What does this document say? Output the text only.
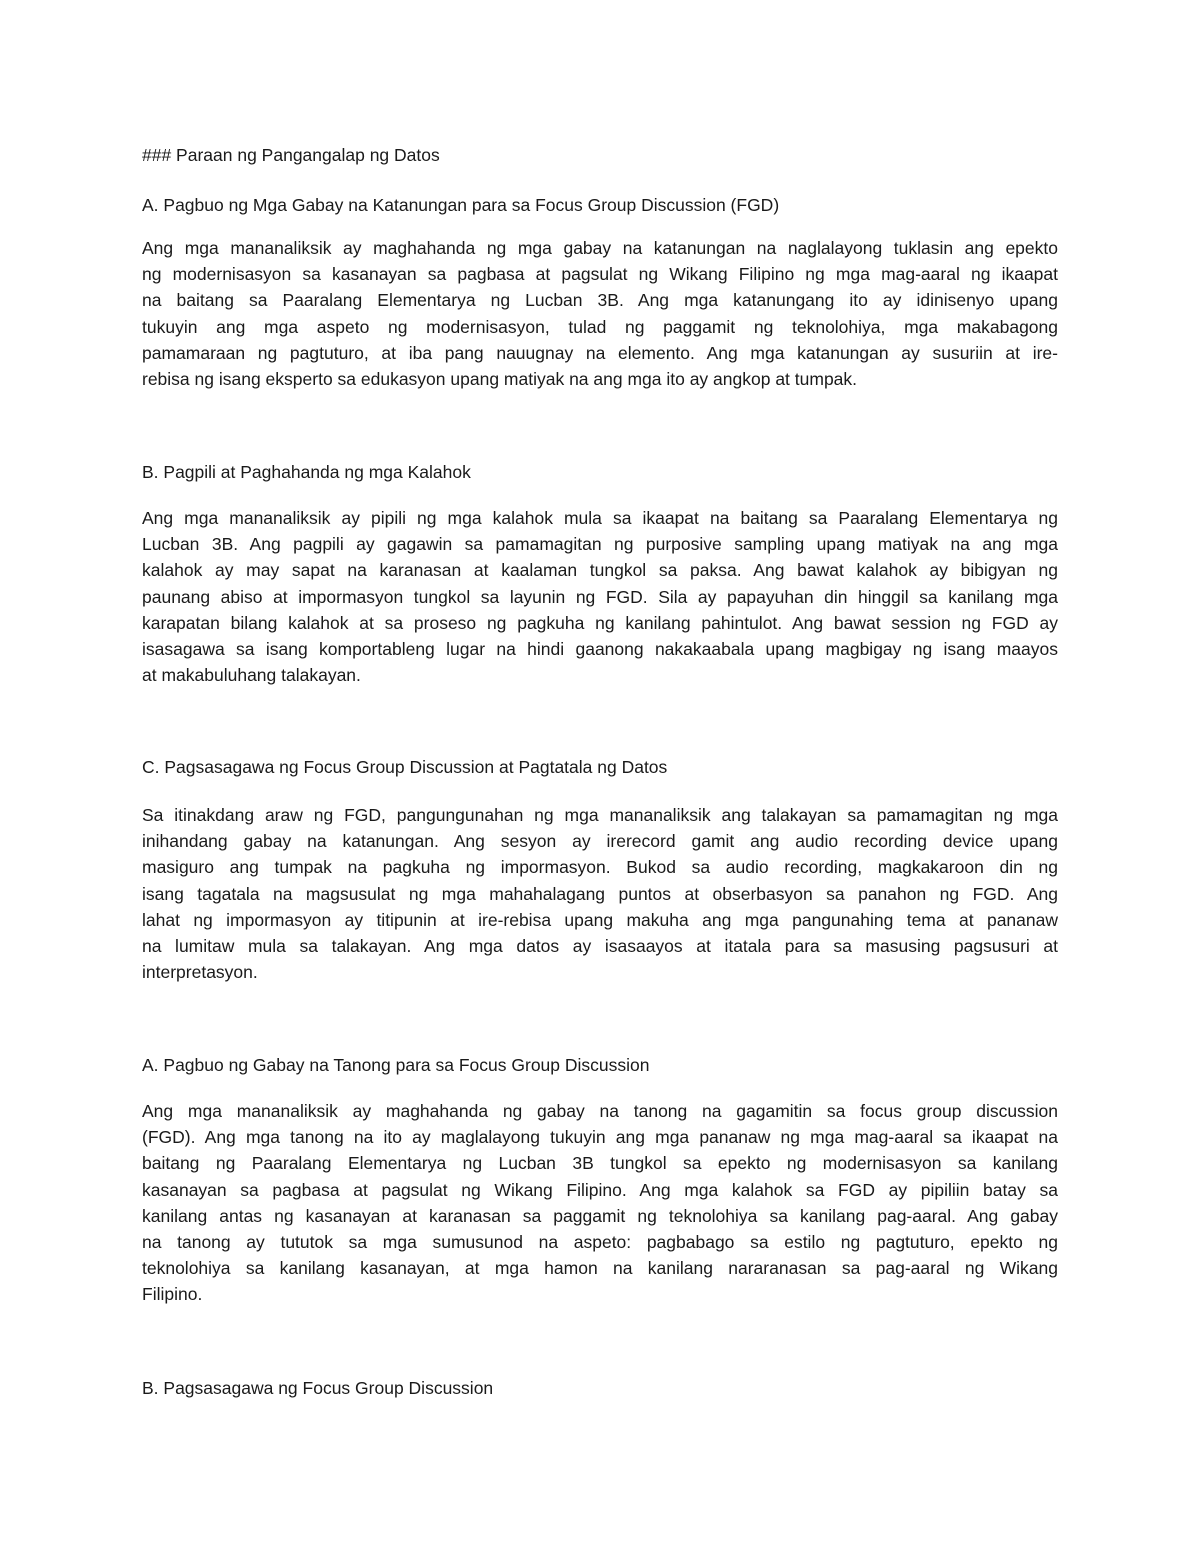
### Paraan ng Pangangalap ng Datos

A. Pagbuo ng Mga Gabay na Katanungan para sa Focus Group Discussion (FGD)

Ang mga mananaliksik ay maghahanda ng mga gabay na katanungan na naglalayong tuklasin ang epekto
ng modernisasyon sa kasanayan sa pagbasa at pagsulat ng Wikang Filipino ng mga mag-aaral ng ikaapat
na baitang sa Paaralang Elementarya ng Lucban 3B. Ang mga katanungang ito ay idinisenyo upang
tukuyin ang mga aspeto ng modernisasyon, tulad ng paggamit ng teknolohiya, mga makabagong
pamamaraan ng pagtuturo, at iba pang nauugnay na elemento. Ang mga katanungan ay susuriin at ire-
rebisa ng isang eksperto sa edukasyon upang matiyak na ang mga ito ay angkop at tumpak.

B. Pagpili at Paghahanda ng mga Kalahok

Ang mga mananaliksik ay pipili ng mga kalahok mula sa ikaapat na baitang sa Paaralang Elementarya ng
Lucban 3B. Ang pagpili ay gagawin sa pamamagitan ng purposive sampling upang matiyak na ang mga
kalahok ay may sapat na karanasan at kaalaman tungkol sa paksa. Ang bawat kalahok ay bibigyan ng
paunang abiso at impormasyon tungkol sa layunin ng FGD. Sila ay papayuhan din hinggil sa kanilang mga
karapatan bilang kalahok at sa proseso ng pagkuha ng kanilang pahintulot. Ang bawat session ng FGD ay
isasagawa sa isang komportableng lugar na hindi gaanong nakakaabala upang magbigay ng isang maayos
at makabuluhang talakayan.

C. Pagsasagawa ng Focus Group Discussion at Pagtatala ng Datos

Sa itinakdang araw ng FGD, pangungunahan ng mga mananaliksik ang talakayan sa pamamagitan ng mga
inihandang gabay na katanungan. Ang sesyon ay irerecord gamit ang audio recording device upang
masiguro ang tumpak na pagkuha ng impormasyon. Bukod sa audio recording, magkakaroon din ng
isang tagatala na magsusulat ng mga mahahalagang puntos at obserbasyon sa panahon ng FGD. Ang
lahat ng impormasyon ay titipunin at ire-rebisa upang makuha ang mga pangunahing tema at pananaw
na lumitaw mula sa talakayan. Ang mga datos ay isasaayos at itatala para sa masusing pagsusuri at
interpretasyon.

A. Pagbuo ng Gabay na Tanong para sa Focus Group Discussion

Ang mga mananaliksik ay maghahanda ng gabay na tanong na gagamitin sa focus group discussion
(FGD). Ang mga tanong na ito ay maglalayong tukuyin ang mga pananaw ng mga mag-aaral sa ikaapat na
baitang ng Paaralang Elementarya ng Lucban 3B tungkol sa epekto ng modernisasyon sa kanilang
kasanayan sa pagbasa at pagsulat ng Wikang Filipino. Ang mga kalahok sa FGD ay pipiliin batay sa
kanilang antas ng kasanayan at karanasan sa paggamit ng teknolohiya sa kanilang pag-aaral. Ang gabay
na tanong ay tututok sa mga sumusunod na aspeto: pagbabago sa estilo ng pagtuturo, epekto ng
teknolohiya sa kanilang kasanayan, at mga hamon na kanilang nararanasan sa pag-aaral ng Wikang
Filipino.

B. Pagsasagawa ng Focus Group Discussion
